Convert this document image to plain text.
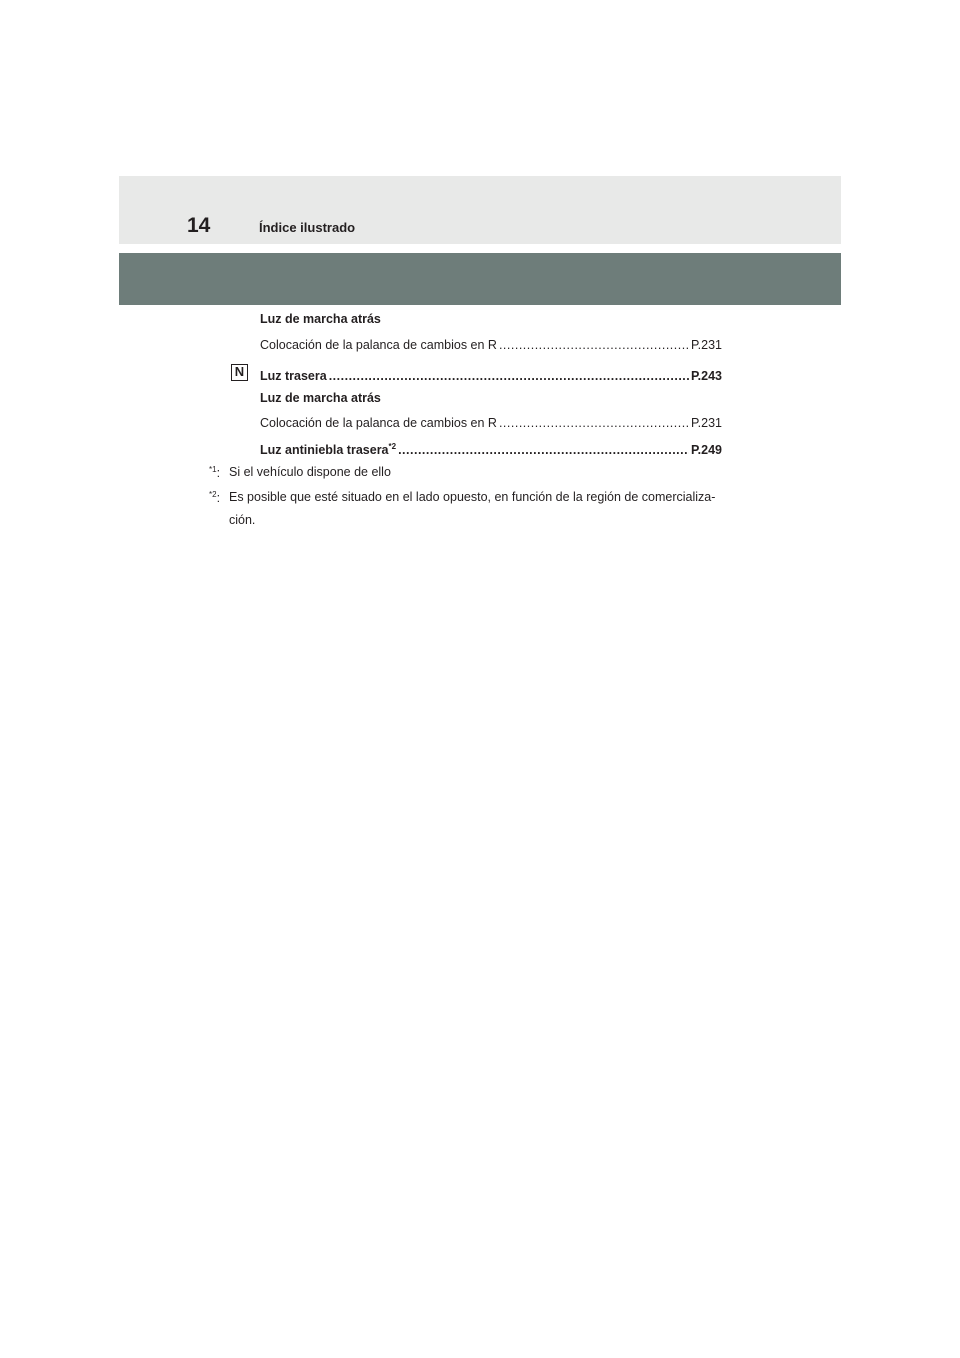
14	Índice ilustrado
Luz de marcha atrás
Colocación de la palanca de cambios en R .....	P.231
N	Luz trasera .....	P.243
Luz de marcha atrás
Colocación de la palanca de cambios en R .....	P.231
Luz antiniebla trasera$^{*2}$ .....	P.249
$^{*1}$: Si el vehículo dispone de ello
$^{*2}$: Es posible que esté situado en el lado opuesto, en función de la región de comercializa-ción.
